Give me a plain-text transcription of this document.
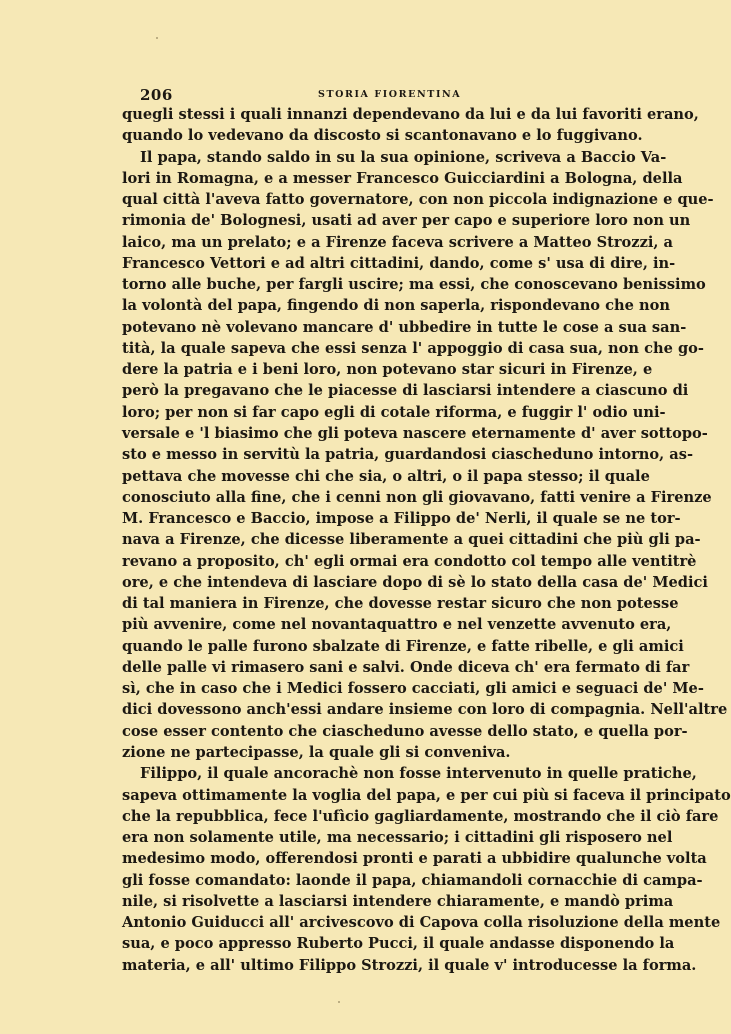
206	STORIA FIORENTINA
quegli stessi i quali innanzi dependevano da lui e da lui favoriti erano,
quando lo vedevano da discosto si scantonavano e lo fuggivano.
Il papa, stando saldo in su la sua opinione, scriveva a Baccio Va-
lori in Romagna, e a messer Francesco Guicciardini a Bologna, della
qual città l'aveva fatto governatore, con non piccola indignazione e que-
rimonia de' Bolognesi, usati ad aver per capo e superiore loro non un
laico, ma un prelato; e a Firenze faceva scrivere a Matteo Strozzi, a
Francesco Vettori e ad altri cittadini, dando, come s' usa di dire, in-
torno alle buche, per fargli uscire; ma essi, che conoscevano benissimo
la volontà del papa, fingendo di non saperla, rispondevano che non
potevano nè volevano mancare d' ubbedire in tutte le cose a sua san-
tità, la quale sapeva che essi senza l' appoggio di casa sua, non che go-
dere la patria e i beni loro, non potevano star sicuri in Firenze, e
però la pregavano che le piacesse di lasciarsi intendere a ciascuno di
loro; per non si far capo egli di cotale riforma, e fuggir l' odio uni-
versale e 'l biasimo che gli poteva nascere eternamente d' aver sottopo-
sto e messo in servitù la patria, guardandosi ciascheduno intorno, as-
pettava che movesse chi che sia, o altri, o il papa stesso; il quale
conosciuto alla fine, che i cenni non gli giovavano, fatti venire a Firenze
M. Francesco e Baccio, impose a Filippo de' Nerli, il quale se ne tor-
nava a Firenze, che dicesse liberamente a quei cittadini che più gli pa-
revano a proposito, ch' egli ormai era condotto col tempo alle ventitrè
ore, e che intendeva di lasciare dopo di sè lo stato della casa de' Medici
di tal maniera in Firenze, che dovesse restar sicuro che non potesse
più avvenire, come nel novantaquattro e nel venzette avvenuto era,
quando le palle furono sbalzate di Firenze, e fatte ribelle, e gli amici
delle palle vi rimasero sani e salvi. Onde diceva ch' era fermato di far
sì, che in caso che i Medici fossero cacciati, gli amici e seguaci de' Me-
dici dovessono anch'essi andare insieme con loro di compagnia. Nell'altre
cose esser contento che ciascheduno avesse dello stato, e quella por-
zione ne partecipasse, la quale gli si conveniva.
Filippo, il quale ancorachè non fosse intervenuto in quelle pratiche,
sapeva ottimamente la voglia del papa, e per cui più si faceva il principato
che la repubblica, fece l'ufìcio gagliardamente, mostrando che il ciò fare
era non solamente utile, ma necessario; i cittadini gli risposero nel
medesimo modo, offerendosi pronti e parati a ubbidire qualunche volta
gli fosse comandato: laonde il papa, chiamandoli cornacchie di campa-
nile, si risolvette a lasciarsi intendere chiaramente, e mandò prima
Antonio Guiducci all' arcivescovo di Capova colla risoluzione della mente
sua, e poco appresso Ruberto Pucci, il quale andasse disponendo la
materia, e all' ultimo Filippo Strozzi, il quale v' introducesse la forma.
